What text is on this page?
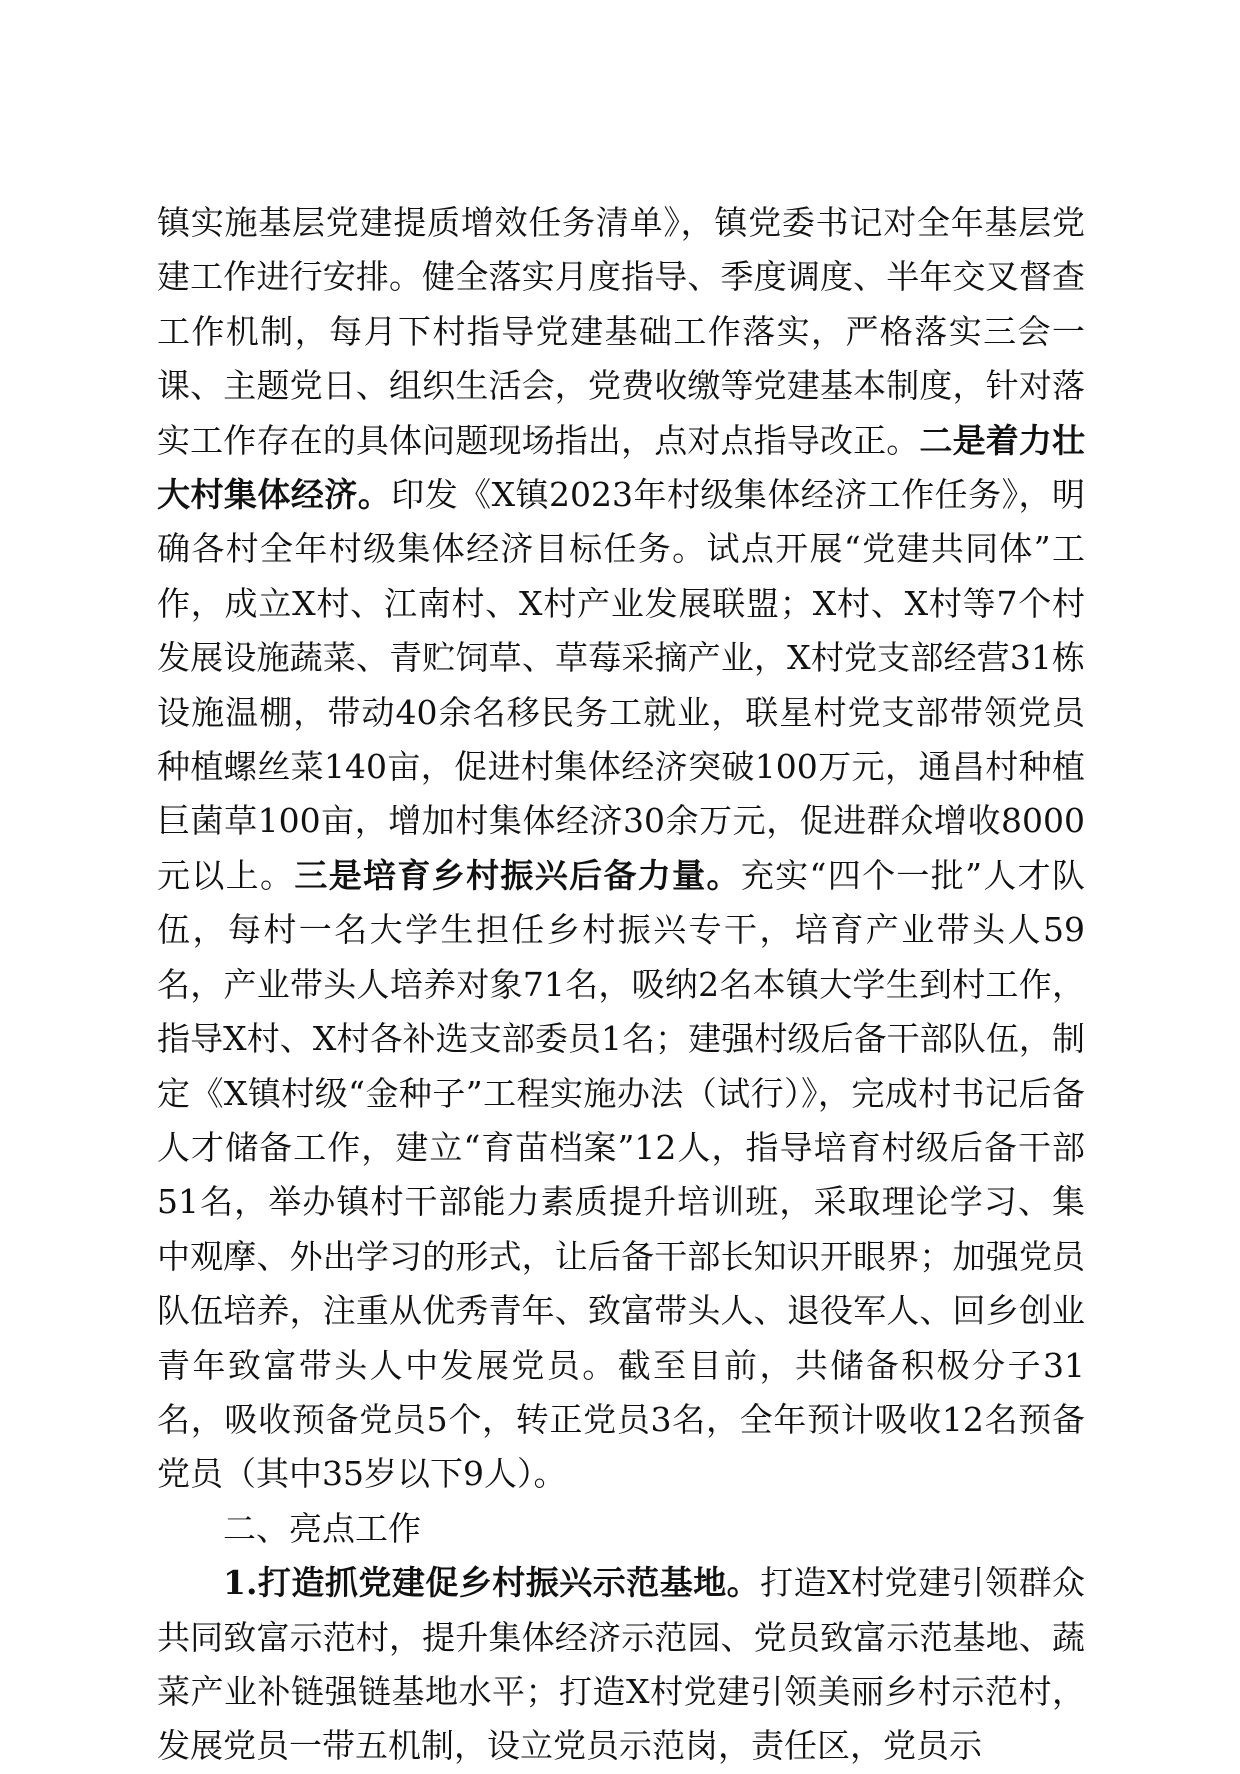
镇实施基层党建提质增效任务清单》，镇党委书记对全年基层党建工作进行安排。健全落实月度指导、季度调度、半年交叉督查工作机制，每月下村指导党建基础工作落实，严格落实三会一课、主题党日、组织生活会，党费收缴等党建基本制度，针对落实工作存在的具体问题现场指出，点对点指导改正。二是着力壮大村集体经济。印发《X镇2023年村级集体经济工作任务》，明确各村全年村级集体经济目标任务。试点开展“党建共同体”工作，成立X村、江南村、X村产业发展联盟；X村、X村等7个村发展设施蔬菜、青贮饲草、草莓采摘产业，X村党支部经营31栋设施温棚，带动40余名移民务工就业，联星村党支部带领党员种植螺丝菜140亩，促进村集体经济突破100万元，通昌村种植巨菌草100亩，增加村集体经济30余万元，促进群众增收8000元以上。三是培育乡村振兴后备力量。充实“四个一批”人才队伍，每村一名大学生担任乡村振兴专干，培育产业带头人59名，产业带头人培养对象71名，吸纳2名本镇大学生到村工作，指导X村、X村各补选支部委员1名；建强村级后备干部队伍，制定《X镇村级“金种子”工程实施办法（试行）》，完成村书记后备人才储备工作，建立“育苗档案”12人，指导培育村级后备干部51名，举办镇村干部能力素质提升培训班，采取理论学习、集中观摩、外出学习的形式，让后备干部长知识开眼界；加强党员队伍培养，注重从优秀青年、致富带头人、退役军人、回乡创业青年致富带头人中发展党员。截至目前，共储备积极分子31名，吸收预备党员5个，转正党员3名，全年预计吸收12名预备党员（其中35岁以下9人）。

二、亮点工作

1.打造抓党建促乡村振兴示范基地。打造X村党建引领群众共同致富示范村，提升集体经济示范园、党员致富示范基地、蔬菜产业补链强链基地水平；打造X村党建引领美丽乡村示范村，发展党员一带五机制，设立党员示范岗，责任区，党员示
